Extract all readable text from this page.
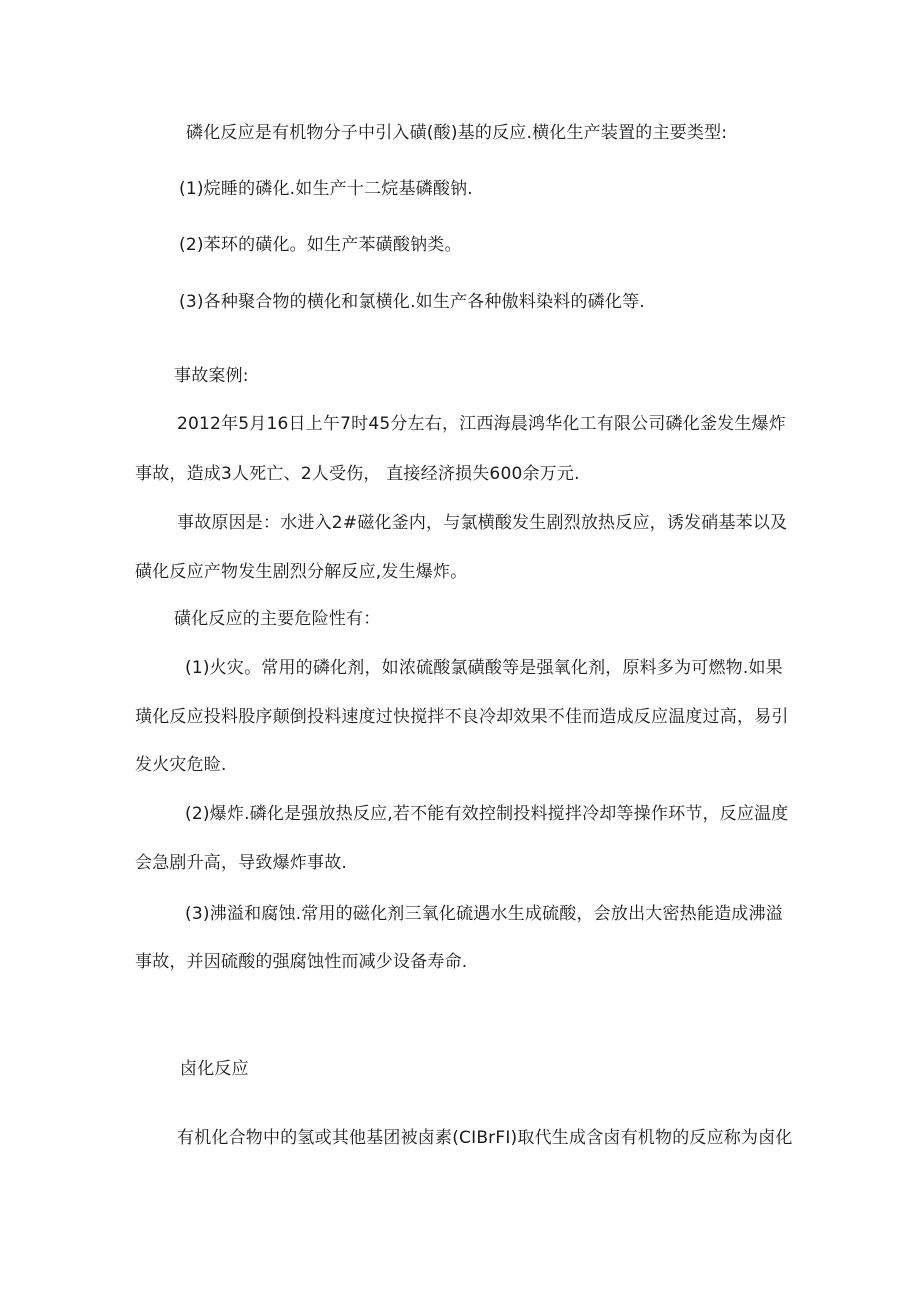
磷化反应是有机物分子中引入磺(酸)基的反应.横化生产装置的主要类型:
(1)烷睡的磷化.如生产十二烷基磷酸钠.
(2)苯环的磺化。如生产苯磺酸钠类。
(3)各种聚合物的横化和氯横化.如生产各种傲料染料的磷化等.
事故案例:
2012年5月16日上午7时45分左右，江西海晨鸿华化工有限公司磷化釜发生爆炸
事故，造成3人死亡、2人受伤， 直接经济损失600余万元.
事故原因是：水进入2#磁化釜内，与氯横酸发生剧烈放热反应，诱发硝基苯以及
磺化反应产物发生剧烈分解反应,发生爆炸。
磺化反应的主要危险性有：
(1)火灾。常用的磷化剂，如浓硫酸氯磺酸等是强氧化剂，原料多为可燃物.如果
璜化反应投料股序颠倒投料速度过快搅拌不良冷却效果不佳而造成反应温度过高，易引
发火灾危睑.
(2)爆炸.磷化是强放热反应,若不能有效控制投料搅拌冷却等操作环节，反应温度
会急剧升高，导致爆炸事故.
(3)沸溢和腐蚀.常用的磁化剂三氧化硫遇水生成硫酸，会放出大密热能造成沸溢
事故，并因硫酸的强腐蚀性而减少设备寿命.
卤化反应
有机化合物中的氢或其他基团被卤素(CIBrFI)取代生成含卤有机物的反应称为卤化
